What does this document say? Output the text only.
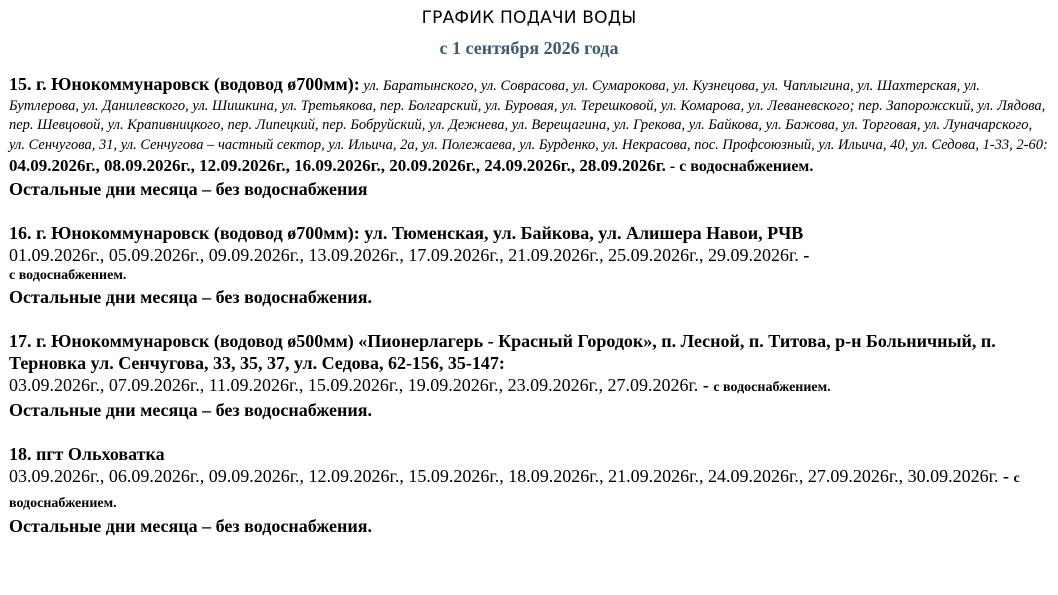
ГРАФИК ПОДАЧИ ВОДЫ
с 1 сентября 2026 года
15. г. Юнокоммунаровск (водовод ø700мм): ул. Баратынского, ул. Соврасова, ул. Сумарокова, ул. Кузнецова, ул. Чаплыгина, ул. Шахтерская, ул. Бутлерова, ул. Данилевского, ул. Шишкина, ул. Третьякова, пер. Болгарский, ул. Буровая, ул. Терешковой, ул. Комарова, ул. Леваневского; пер. Запорожский, ул. Лядова, пер. Шевцовой, ул. Крапивницкого, пер. Липецкий, пер. Бобруйский, ул. Дежнева, ул. Верещагина, ул. Грекова, ул. Байкова, ул. Бажова, ул. Торговая, ул. Луначарского, ул. Сенчугова, 31, ул. Сенчугова – частный сектор, ул. Ильича, 2а, ул. Полежаева, ул. Бурденко, ул. Некрасова, пос. Профсоюзный, ул. Ильича, 40, ул. Седова, 1-33, 2-60:
04.09.2026г., 08.09.2026г., 12.09.2026г., 16.09.2026г., 20.09.2026г., 24.09.2026г., 28.09.2026г. - с водоснабжением.
Остальные дни месяца – без водоснабжения
16. г. Юнокоммунаровск (водовод ø700мм): ул. Тюменская, ул. Байкова, ул. Алишера Навои, РЧВ
01.09.2026г., 05.09.2026г., 09.09.2026г., 13.09.2026г., 17.09.2026г., 21.09.2026г., 25.09.2026г., 29.09.2026г. -
с водоснабжением.
Остальные дни месяца – без водоснабжения.
17. г. Юнокоммунаровск (водовод ø500мм) «Пионерлагерь - Красный Городок», п. Лесной, п. Титова, р-н Больничный, п. Терновка ул. Сенчугова, 33, 35, 37, ул. Седова, 62-156, 35-147:
03.09.2026г., 07.09.2026г., 11.09.2026г., 15.09.2026г., 19.09.2026г., 23.09.2026г., 27.09.2026г. - с водоснабжением.
Остальные дни месяца – без водоснабжения.
18. пгт Ольховатка
03.09.2026г., 06.09.2026г., 09.09.2026г., 12.09.2026г., 15.09.2026г., 18.09.2026г., 21.09.2026г., 24.09.2026г., 27.09.2026г., 30.09.2026г. - с водоснабжением.
Остальные дни месяца – без водоснабжения.
